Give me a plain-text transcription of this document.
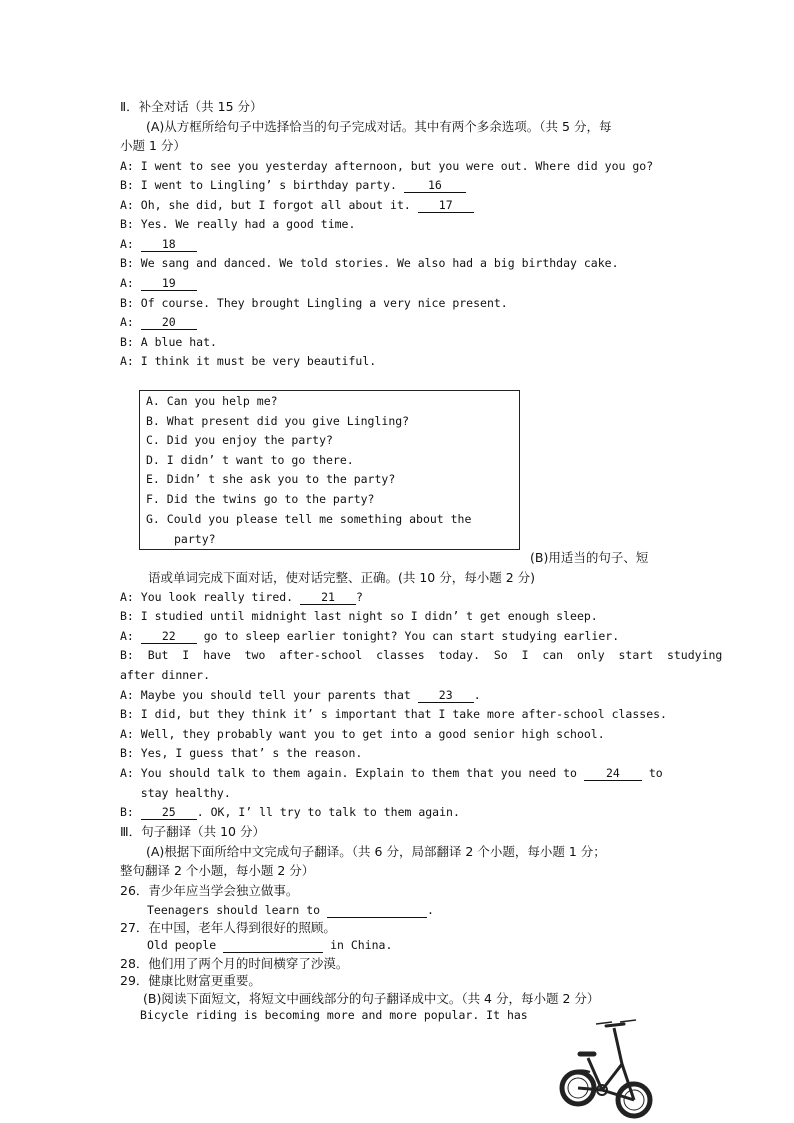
Ⅱ．补全对话（共 15 分）
(A)从方框所给句子中选择恰当的句子完成对话。其中有两个多余选项。（共 5 分，每
小题 1 分）
A: I went to see you yesterday afternoon, but you were out. Where did you go?
B: I went to Lingling’ s birthday party. 16
A: Oh, she did, but I forgot all about it. 17
B: Yes. We really had a good time.
A: 18
B: We sang and danced. We told stories. We also had a big birthday cake.
A: 19
B: Of course. They brought Lingling a very nice present.
A: 20
B: A blue hat.
A: I think it must be very beautiful.
A. Can you help me?
B. What present did you give Lingling?
C. Did you enjoy the party?
D. I didn’ t want to go there.
E. Didn’ t she ask you to the party?
F. Did the twins go to the party?
G. Could you please tell me something about the
party?
(B)用适当的句子、短
语或单词完成下面对话，使对话完整、正确。(共 10 分，每小题 2 分)
A: You look really tired. 21 ?
B: I studied until midnight last night so I didn’ t get enough sleep.
A: 22 go to sleep earlier tonight? You can start studying earlier.
B:  But  I  have  two  after-school  classes  today.  So  I  can  only  start  studying
after dinner.
A: Maybe you should tell your parents that 23 .
B: I did, but they think it’ s important that I take more after-school classes.
A: Well, they probably want you to get into a good senior high school.
B: Yes, I guess that’ s the reason.
A: You should talk to them again. Explain to them that you need to 24 to
stay healthy.
B: 25 . OK, I’ ll try to talk to them again.
Ⅲ．句子翻译（共 10 分）
(A)根据下面所给中文完成句子翻译。（共 6 分，局部翻译 2 个小题，每小题 1 分；
整句翻译 2 个小题，每小题 2 分）
26．青少年应当学会独立做事。
Teenagers should learn to	.
27．在中国，老年人得到很好的照顾。
Old people	in China.
28．他们用了两个月的时间横穿了沙漠。
29．健康比财富更重要。
(B)阅读下面短文，将短文中画线部分的句子翻译成中文。（共 4 分，每小题 2 分）
Bicycle riding is becoming more and more popular. It has
